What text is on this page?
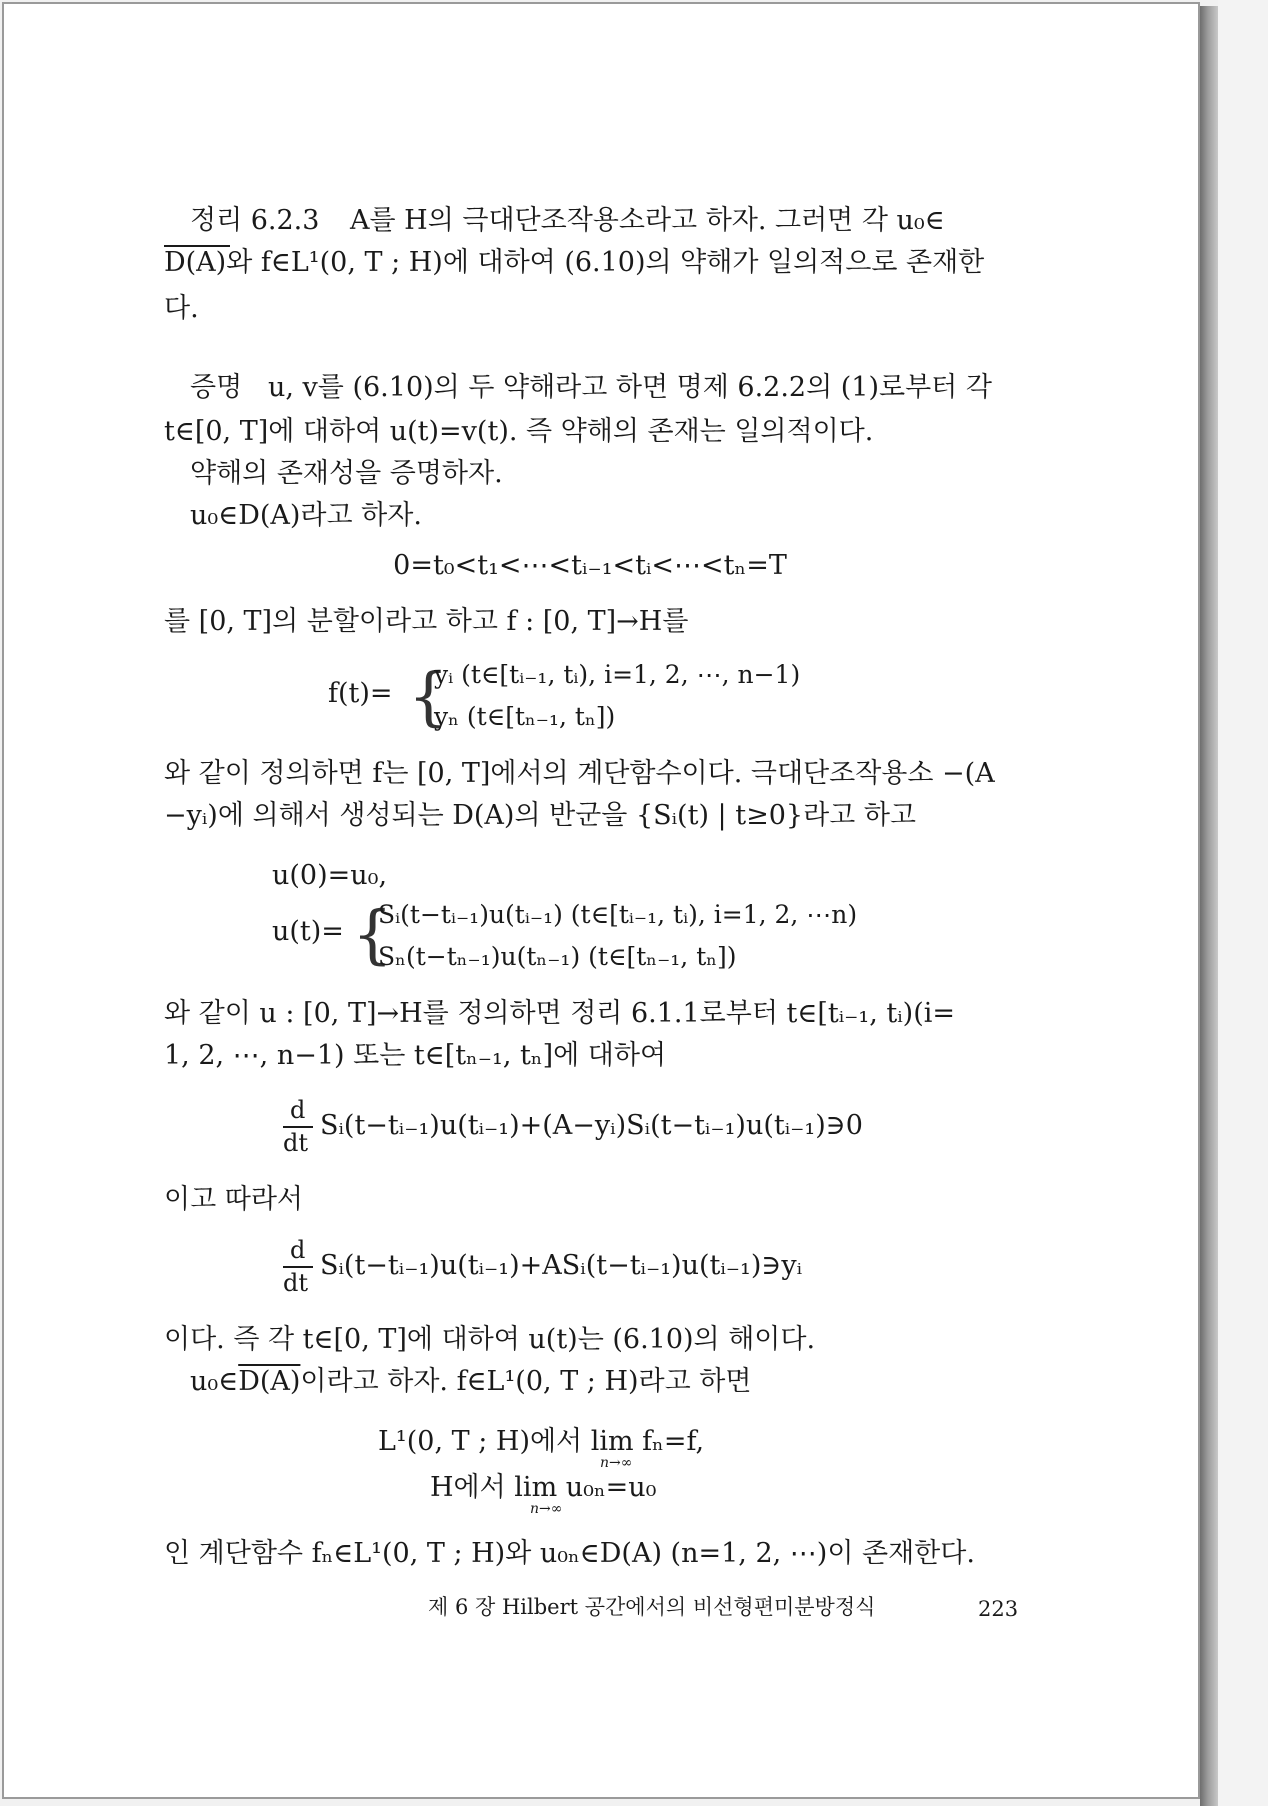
정리 6.2.3 A를 H의 극대단조작용소라고 하자. 그러면 각 u₀∈
D(A)와 f∈L¹(0, T ; H)에 대하여 (6.10)의 약해가 일의적으로 존재한
다.
증명 u, v를 (6.10)의 두 약해라고 하면 명제 6.2.2의 (1)로부터 각
t∈[0, T]에 대하여 u(t)=v(t). 즉 약해의 존재는 일의적이다.
약해의 존재성을 증명하자.
u₀∈D(A)라고 하자.
0=t₀<t₁<⋯<tᵢ₋₁<tᵢ<⋯<tₙ=T
를 [0, T]의 분할이라고 하고 f : [0, T]→H를
f(t)= {
yᵢ (t∈[tᵢ₋₁, tᵢ), i=1, 2, ⋯, n−1)
yₙ (t∈[tₙ₋₁, tₙ])
와 같이 정의하면 f는 [0, T]에서의 계단함수이다. 극대단조작용소 −(A
−yᵢ)에 의해서 생성되는 D(A)의 반군을 {Sᵢ(t) | t≥0}라고 하고
u(0)=u₀,
u(t)= {
Sᵢ(t−tᵢ₋₁)u(tᵢ₋₁) (t∈[tᵢ₋₁, tᵢ), i=1, 2, ⋯n)
Sₙ(t−tₙ₋₁)u(tₙ₋₁) (t∈[tₙ₋₁, tₙ])
와 같이 u : [0, T]→H를 정의하면 정리 6.1.1로부터 t∈[tᵢ₋₁, tᵢ)(i=
1, 2, ⋯, n−1) 또는 t∈[tₙ₋₁, tₙ]에 대하여
d
dt
Sᵢ(t−tᵢ₋₁)u(tᵢ₋₁)+(A−yᵢ)Sᵢ(t−tᵢ₋₁)u(tᵢ₋₁)∋0
이고 따라서
d
dt
Sᵢ(t−tᵢ₋₁)u(tᵢ₋₁)+ASᵢ(t−tᵢ₋₁)u(tᵢ₋₁)∋yᵢ
이다. 즉 각 t∈[0, T]에 대하여 u(t)는 (6.10)의 해이다.
u₀∈D(A)이라고 하자. f∈L¹(0, T ; H)라고 하면
L¹(0, T ; H)에서 lim fₙ=f,
n→∞
H에서 lim u₀ₙ=u₀
n→∞
인 계단함수 fₙ∈L¹(0, T ; H)와 u₀ₙ∈D(A) (n=1, 2, ⋯)이 존재한다.
제 6 장 Hilbert 공간에서의 비선형편미분방정식	223
